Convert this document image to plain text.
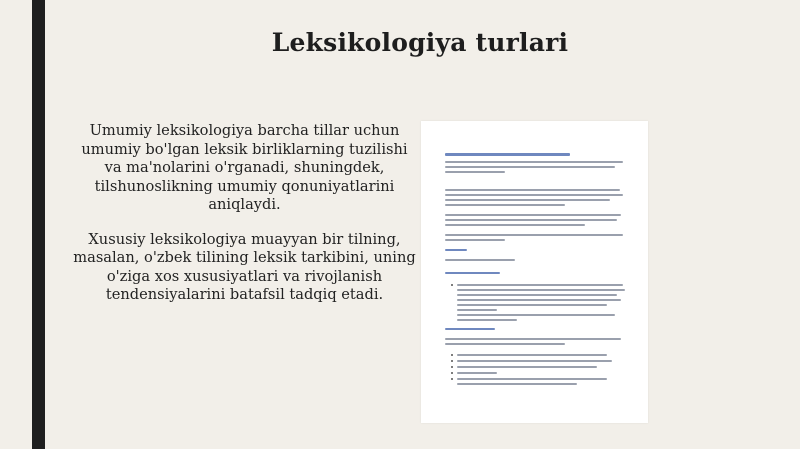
Leksikologiya turlari

Umumiy leksikologiya barcha tillar uchun umumiy bo'lgan leksik birliklarning tuzilishi va ma'nolarini o'rganadi, shuningdek, tilshunoslikning umumiy qonuniyatlarini aniqlaydi.

Xususiy leksikologiya muayyan bir tilning, masalan, o'zbek tilining leksik tarkibini, uning o'ziga xos xususiyatlari va rivojlanish tendensiyalarini batafsil tadqiq etadi.
